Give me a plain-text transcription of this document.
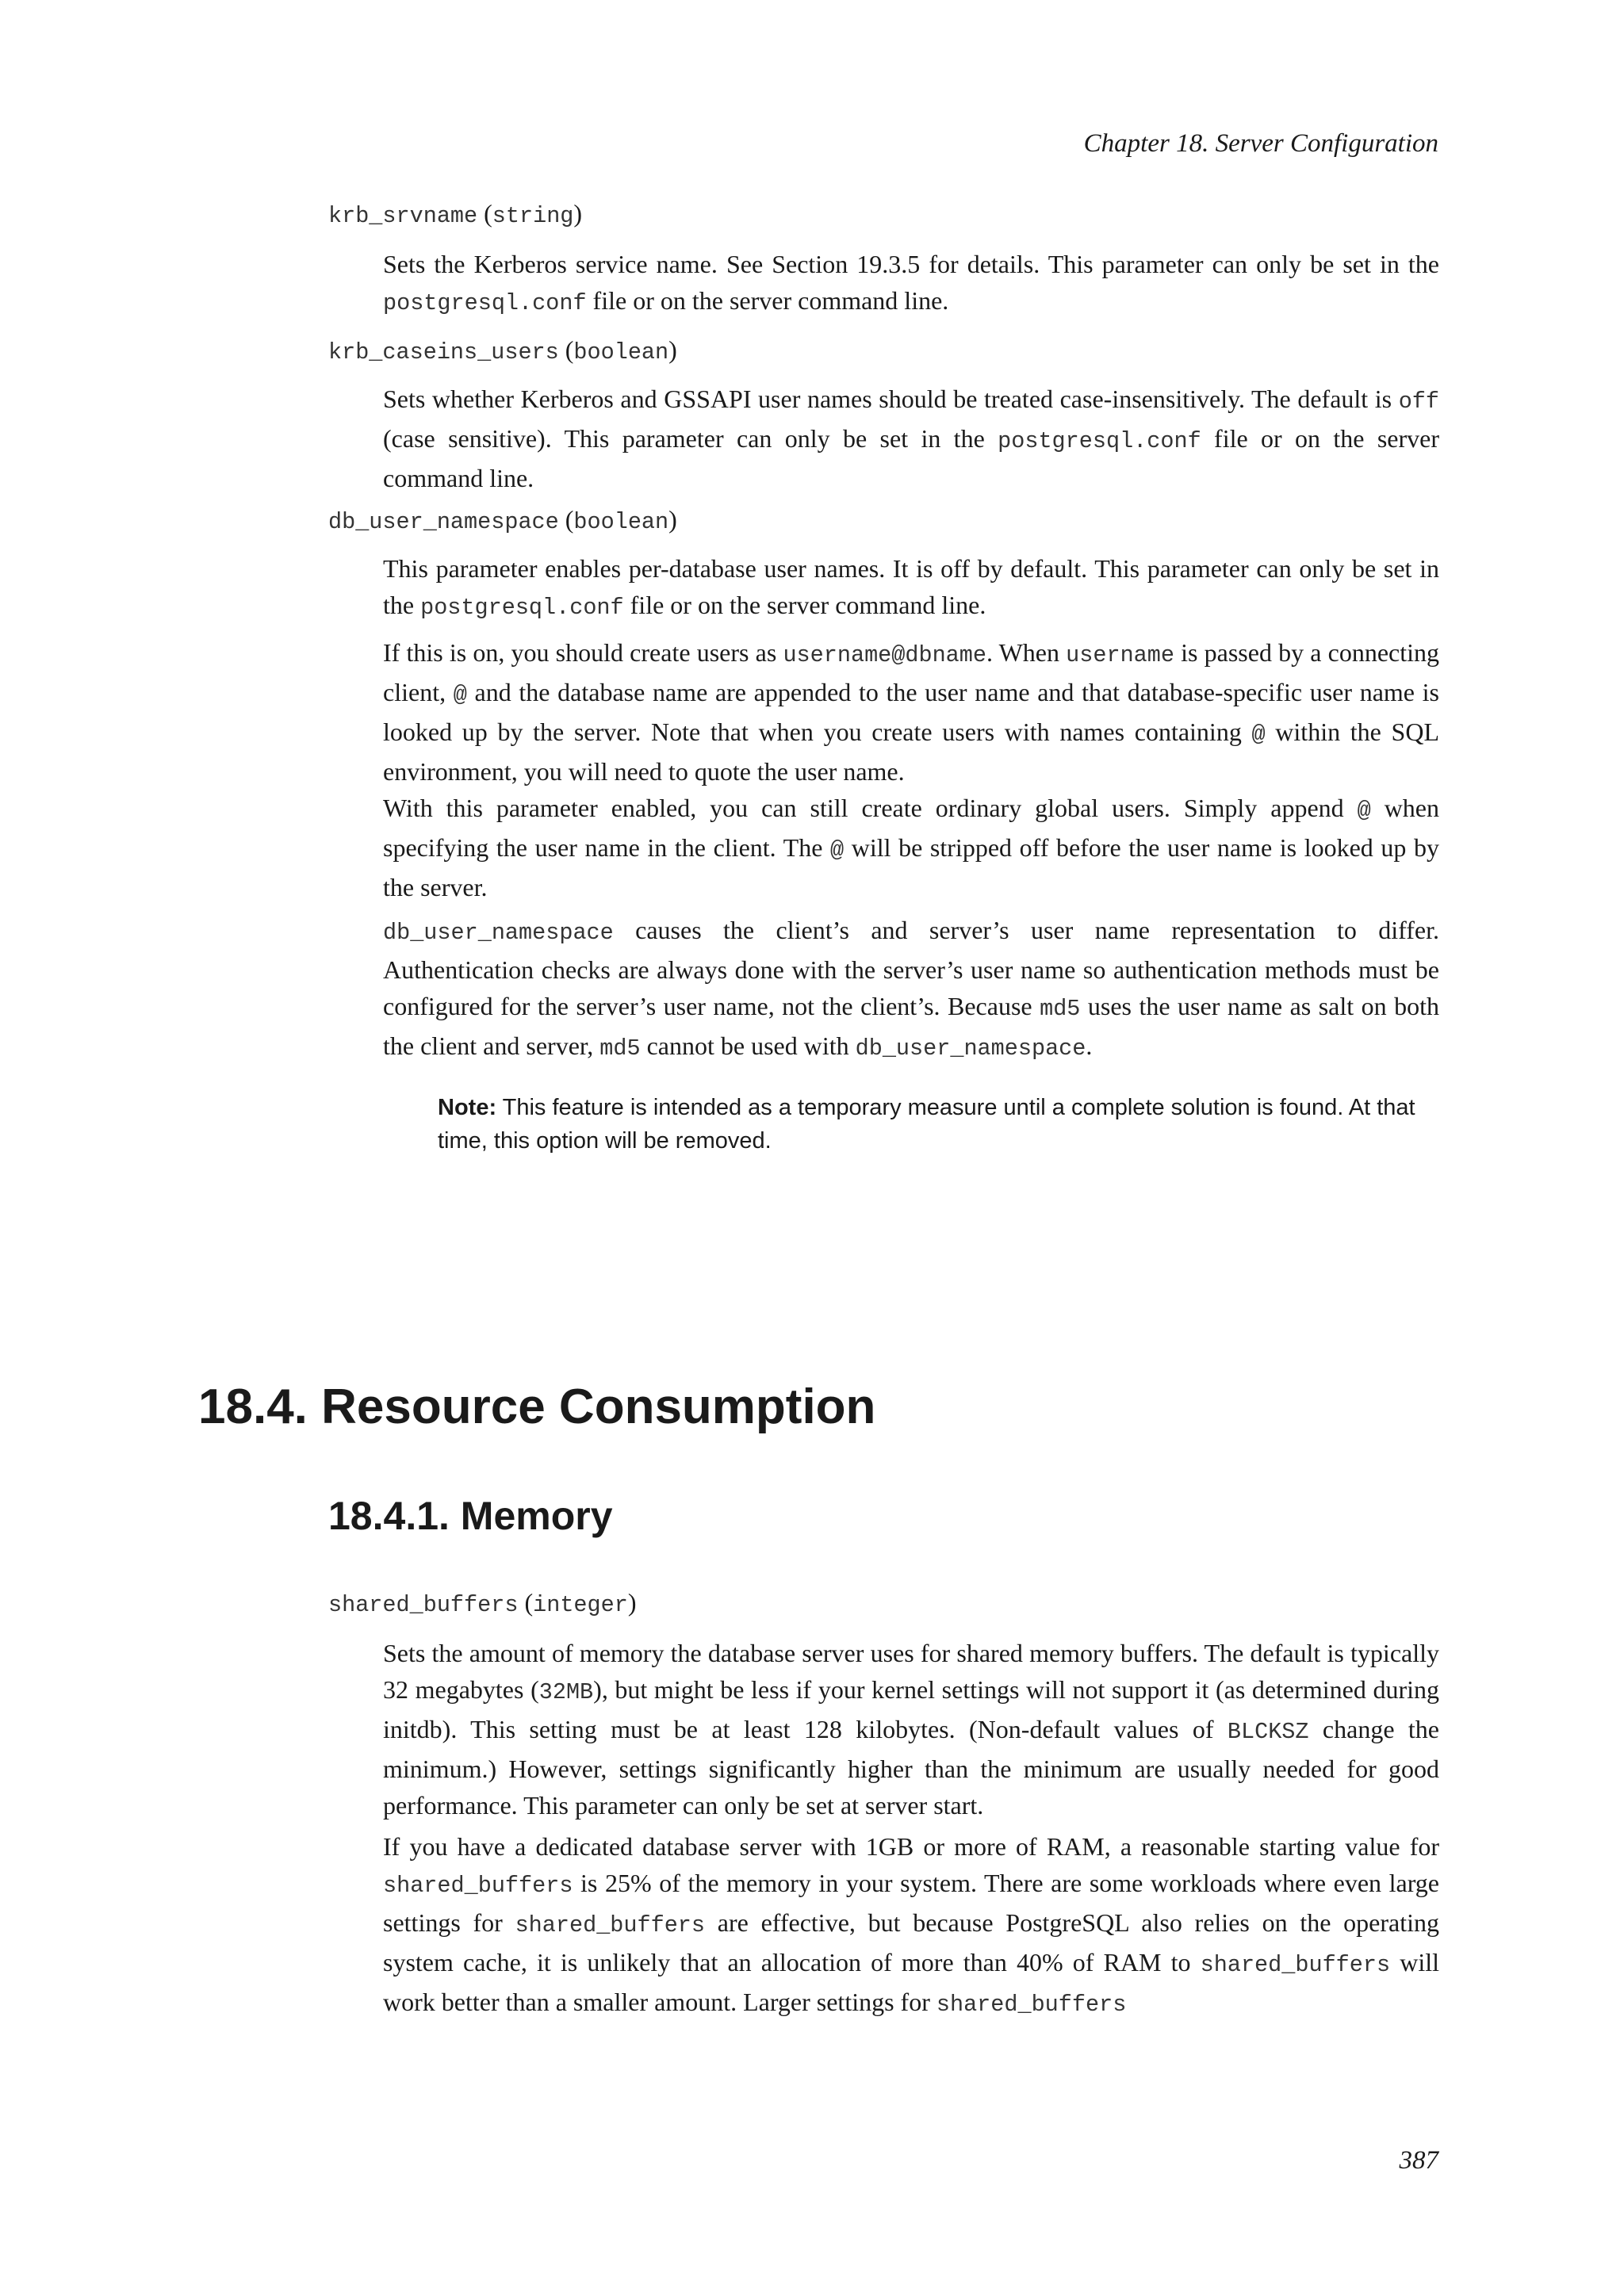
Chapter 18. Server Configuration
krb_srvname (string)

Sets the Kerberos service name. See Section 19.3.5 for details. This parameter can only be set in the postgresql.conf file or on the server command line.

krb_caseins_users (boolean)

Sets whether Kerberos and GSSAPI user names should be treated case-insensitively. The default is off (case sensitive). This parameter can only be set in the postgresql.conf file or on the server command line.

db_user_namespace (boolean)

This parameter enables per-database user names. It is off by default. This parameter can only be set in the postgresql.conf file or on the server command line.

If this is on, you should create users as username@dbname. When username is passed by a connecting client, @ and the database name are appended to the user name and that database-specific user name is looked up by the server. Note that when you create users with names containing @ within the SQL environment, you will need to quote the user name.

With this parameter enabled, you can still create ordinary global users. Simply append @ when specifying the user name in the client. The @ will be stripped off before the user name is looked up by the server.

db_user_namespace causes the client’s and server’s user name representation to differ. Authentication checks are always done with the server’s user name so authentication methods must be configured for the server’s user name, not the client’s. Because md5 uses the user name as salt on both the client and server, md5 cannot be used with db_user_namespace.

Note: This feature is intended as a temporary measure until a complete solution is found. At that time, this option will be removed.
18.4. Resource Consumption
18.4.1. Memory
shared_buffers (integer)

Sets the amount of memory the database server uses for shared memory buffers. The default is typically 32 megabytes (32MB), but might be less if your kernel settings will not support it (as determined during initdb). This setting must be at least 128 kilobytes. (Non-default values of BLCKSZ change the minimum.) However, settings significantly higher than the minimum are usually needed for good performance. This parameter can only be set at server start.

If you have a dedicated database server with 1GB or more of RAM, a reasonable starting value for shared_buffers is 25% of the memory in your system. There are some workloads where even large settings for shared_buffers are effective, but because PostgreSQL also relies on the operating system cache, it is unlikely that an allocation of more than 40% of RAM to shared_buffers will work better than a smaller amount. Larger settings for shared_buffers

387
